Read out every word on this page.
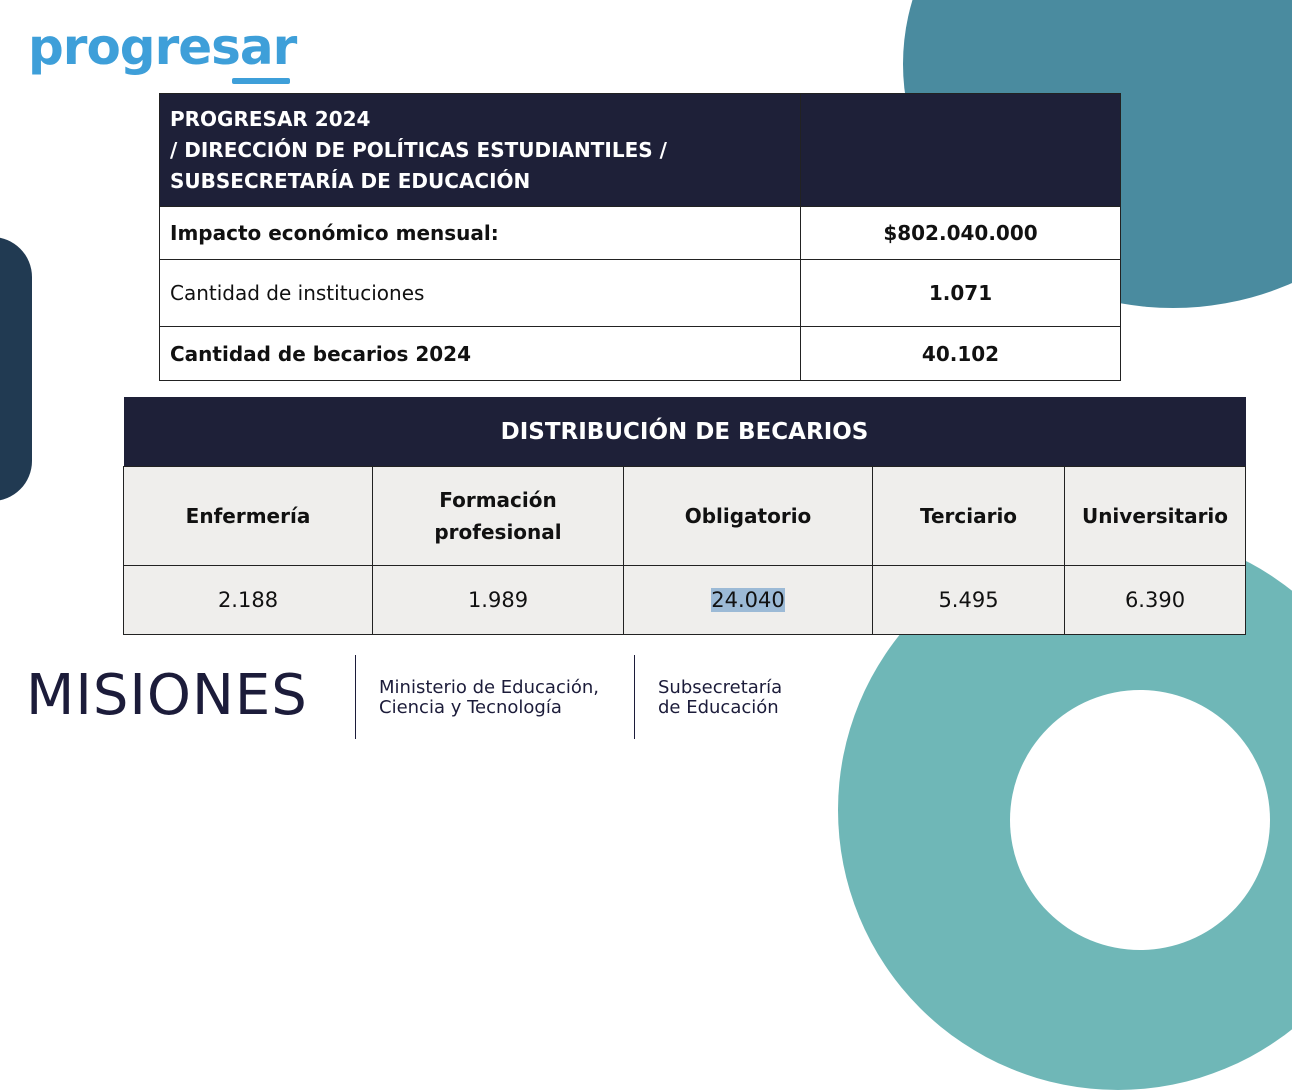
progresar
PROGRESAR 2024
/ DIRECCIÓN DE POLÍTICAS ESTUDIANTILES /
SUBSECRETARÍA DE EDUCACIÓN	
Impacto económico mensual:	$802.040.000
Cantidad de instituciones	1.071
Cantidad de becarios 2024	40.102
DISTRIBUCIÓN DE BECARIOS				
Enfermería	Formación profesional	Obligatorio	Terciario	Universitario
2.188	1.989	24.040	5.495	6.390
MISIONES	Ministerio de Educación,
Ciencia y Tecnología
Subsecretaría
de Educación
